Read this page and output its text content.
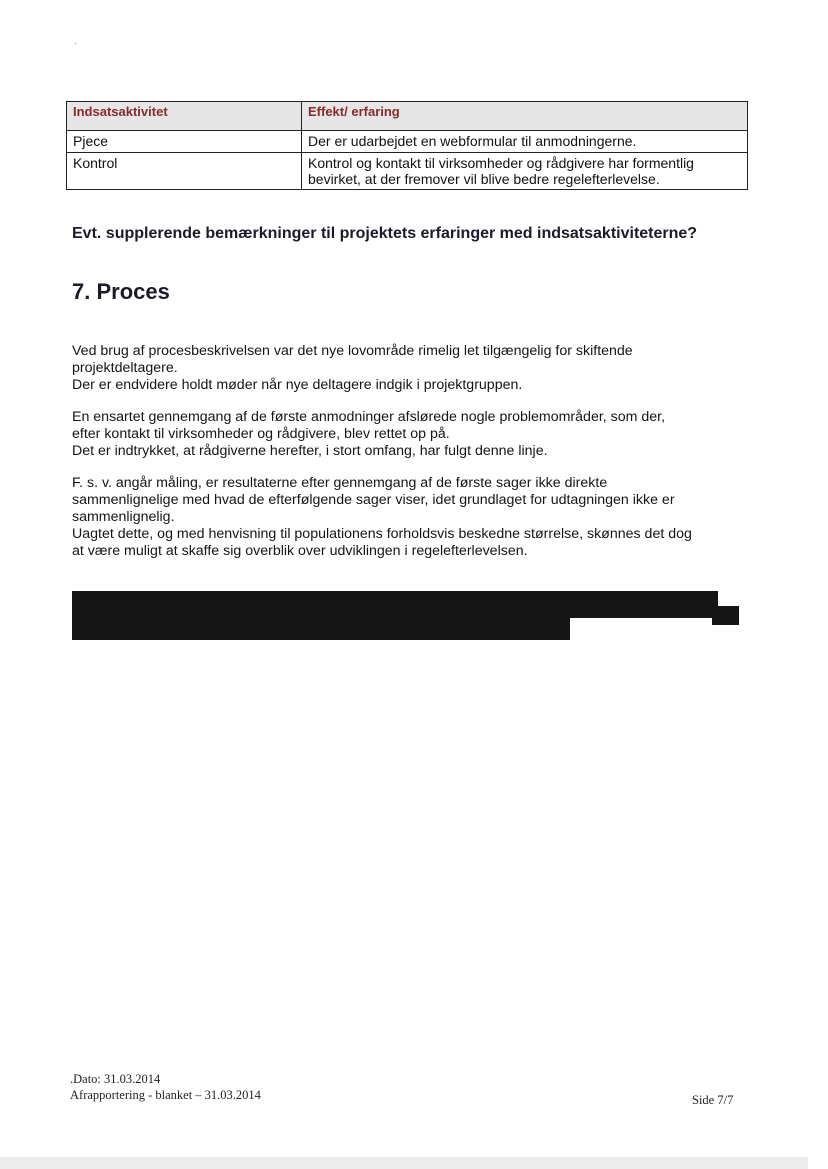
.
Indsatsaktivitet	Effekt/ erfaring
Pjece	Der er udarbejdet en webformular til anmodningerne.
Kontrol	Kontrol og kontakt til virksomheder og rådgivere har formentlig
bevirket, at der fremover vil blive bedre regelefterlevelse.
Evt. supplerende bemærkninger til projektets erfaringer med indsatsaktiviteterne?
7. Proces

Ved brug af procesbeskrivelsen var det nye lovområde rimelig let tilgængelig for skiftende
projektdeltagere.
Der er endvidere holdt møder når nye deltagere indgik i projektgruppen.

En ensartet gennemgang af de første anmodninger afslørede nogle problemområder, som der,
efter kontakt til virksomheder og rådgivere, blev rettet op på.
Det er indtrykket, at rådgiverne herefter, i stort omfang, har fulgt denne linje.

F. s. v. angår måling, er resultaterne efter gennemgang af de første sager ikke direkte
sammenlignelige med hvad de efterfølgende sager viser, idet grundlaget for udtagningen ikke er
sammenlignelig.
Uagtet dette, og med henvisning til populationens forholdsvis beskedne størrelse, skønnes det dog
at være muligt at skaffe sig overblik over udviklingen i regelefterlevelsen.

.Dato: 31.03.2014
Afrapportering - blanket – 31.03.2014	Side 7/7
